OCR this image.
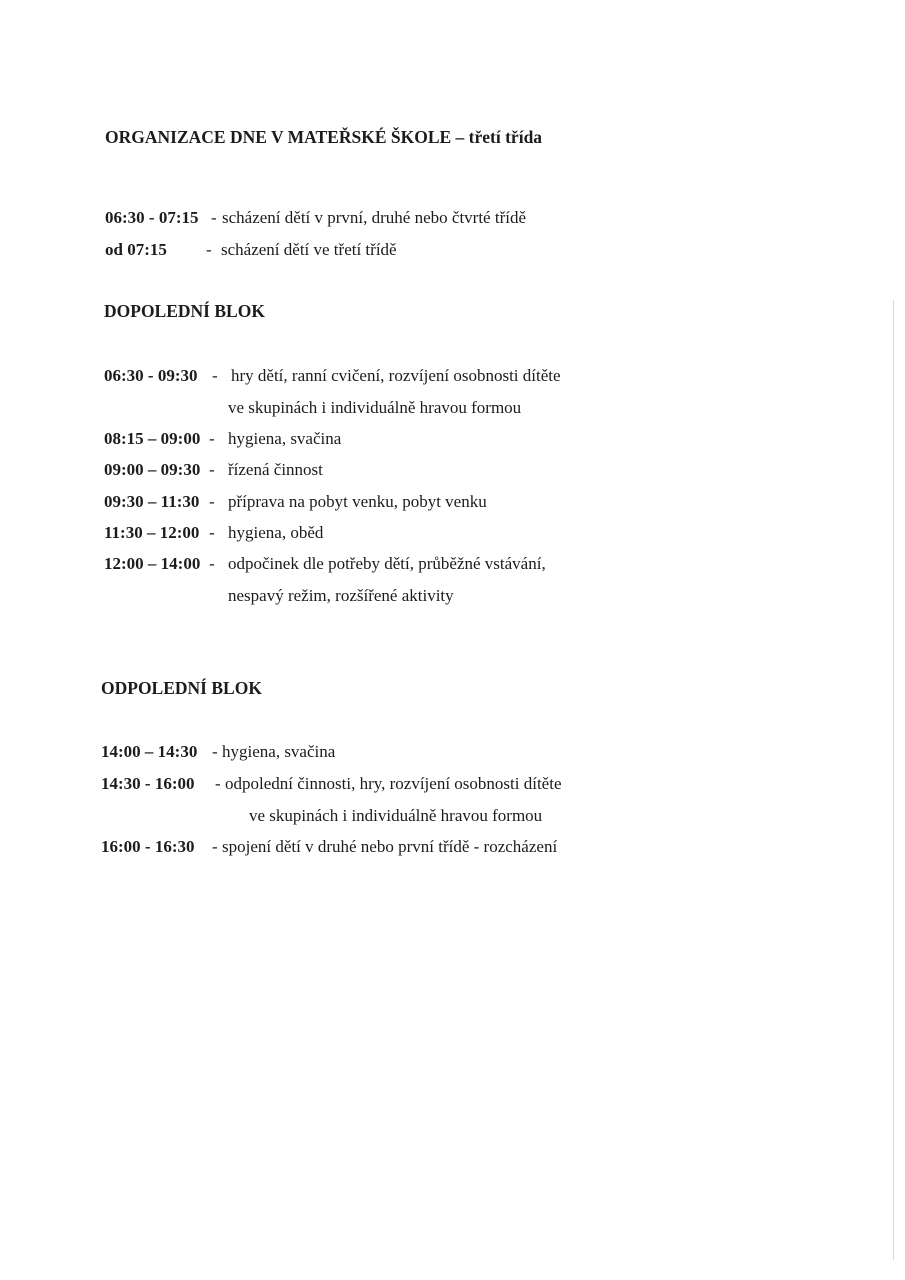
ORGANIZACE DNE V MATEŘSKÉ ŠKOLE – třetí třída
06:30 - 07:15 - scházení dětí v první, druhé nebo čtvrté třídě
od 07:15 - scházení dětí ve třetí třídě
DOPOLEDNÍ BLOK
06:30 - 09:30 - hry dětí, ranní cvičení, rozvíjení osobnosti dítěte
ve skupinách i individuálně hravou formou
08:15 – 09:00 - hygiena, svačina
09:00 – 09:30 - řízená činnost
09:30 – 11:30 - příprava na pobyt venku, pobyt venku
11:30 – 12:00 - hygiena, oběd
12:00 – 14:00 - odpočinek dle potřeby dětí, průběžné vstávání,
nespavý režim, rozšířené aktivity
ODPOLEDNÍ BLOK
14:00 – 14:30 - hygiena, svačina
14:30 - 16:00 - odpolední činnosti, hry, rozvíjení osobnosti dítěte
ve skupinách i individuálně hravou formou
16:00 - 16:30 - spojení dětí v druhé nebo první třídě - rozcházení
